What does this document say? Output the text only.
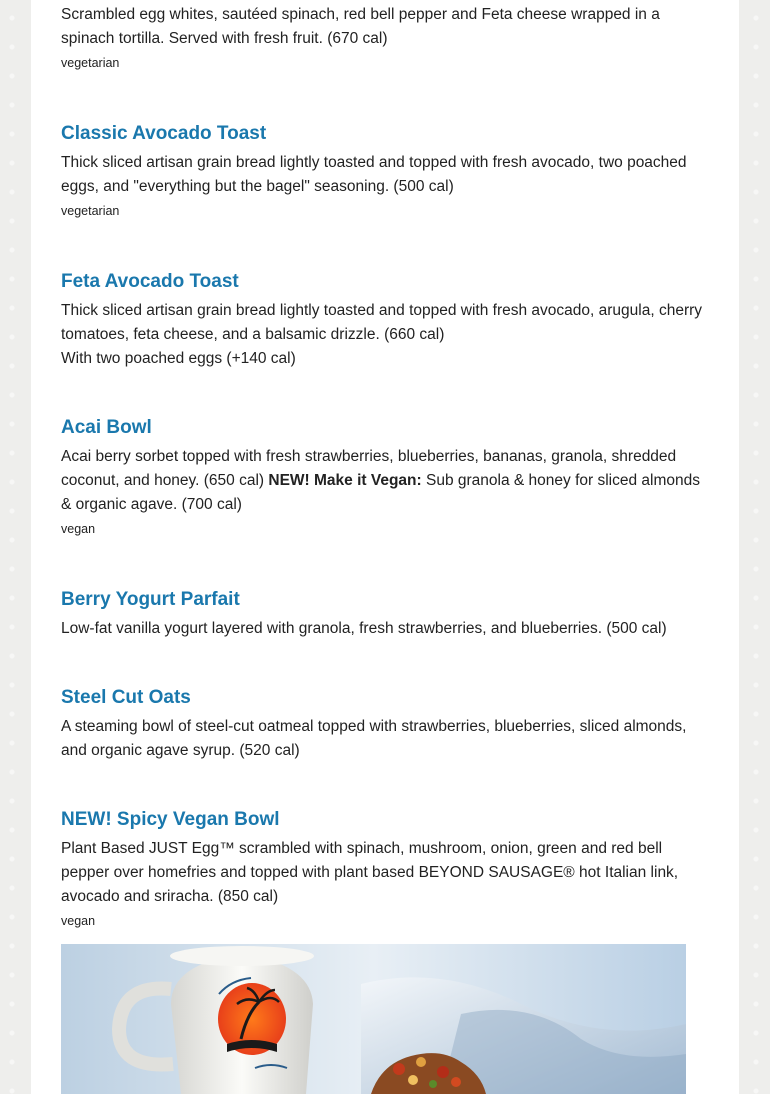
Scrambled egg whites, sautéed spinach, red bell pepper and Feta cheese wrapped in a spinach tortilla. Served with fresh fruit. (670 cal)

vegetarian

Classic Avocado Toast

Thick sliced artisan grain bread lightly toasted and topped with fresh avocado, two poached eggs, and "everything but the bagel" seasoning. (500 cal)

vegetarian

Feta Avocado Toast

Thick sliced artisan grain bread lightly toasted and topped with fresh avocado, arugula, cherry tomatoes, feta cheese, and a balsamic drizzle. (660 cal)

With two poached eggs (+140 cal)

Acai Bowl

Acai berry sorbet topped with fresh strawberries, blueberries, bananas, granola, shredded coconut, and honey. (650 cal) NEW! Make it Vegan: Sub granola & honey for sliced almonds & organic agave. (700 cal)

vegan

Berry Yogurt Parfait

Low-fat vanilla yogurt layered with granola, fresh strawberries, and blueberries. (500 cal)

Steel Cut Oats

A steaming bowl of steel-cut oatmeal topped with strawberries, blueberries, sliced almonds, and organic agave syrup. (520 cal)

NEW! Spicy Vegan Bowl

Plant Based JUST Egg™ scrambled with spinach, mushroom, onion, green and red bell pepper over homefries and topped with plant based BEYOND SAUSAGE® hot Italian link, avocado and sriracha. (850 cal)

vegan
